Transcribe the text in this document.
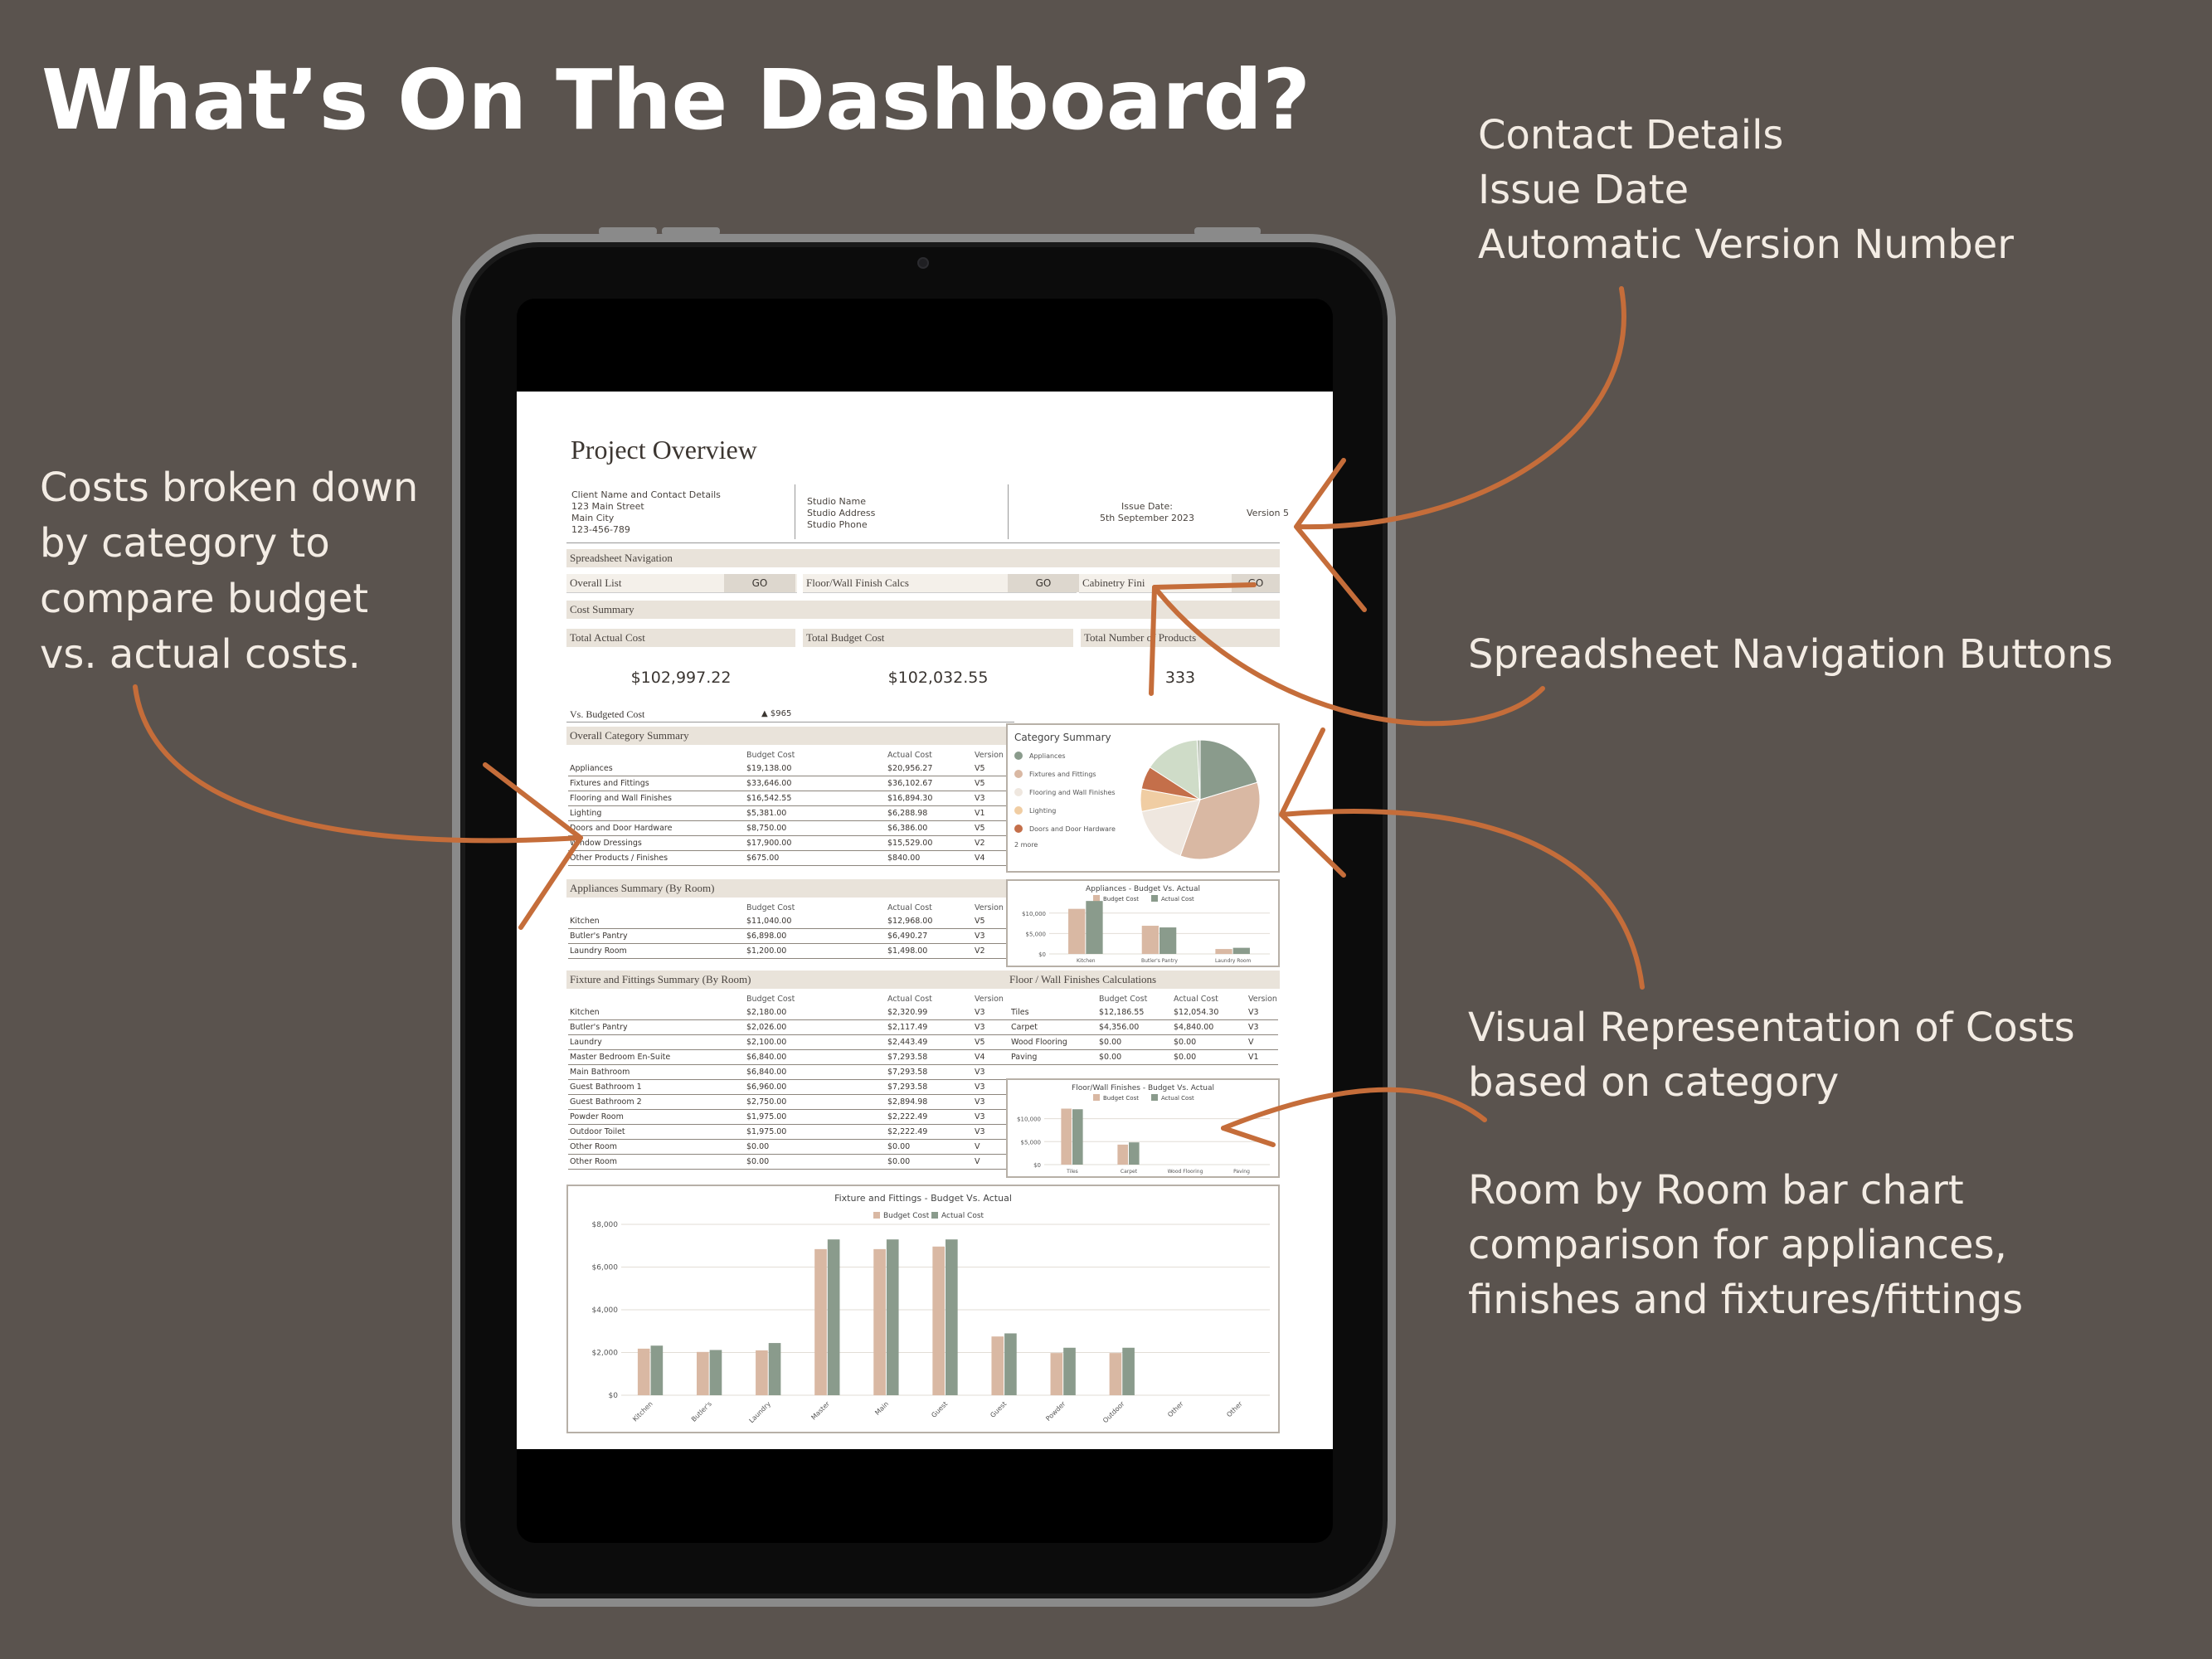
What’s On The Dashboard?	Contact Details
Issue Date
Automatic Version Number
Costs broken down
by category to
compare budget
vs. actual costs.	Spreadsheet Navigation Buttons
Visual Representation of Costs
based on category
Room by Room bar chart
comparison for appliances,
finishes and fixtures/fittings
Project Overview
Client Name and Contact Details
123 Main Street
Main City
123-456-789
Studio Name
Studio Address
Studio Phone
Issue Date:
5th September 2023	Version 5
Spreadsheet Navigation
Overall List	GO	Floor/Wall Finish Calcs	GO	Cabinetry Fini	GO
Cost Summary
Total Actual Cost	Total Budget Cost	Total Number of Products
$102,997.22	$102,032.55	333
Vs. Budgeted Cost	▲ $965
Overall Category Summary
Budget Cost	Actual Cost	Version
Appliances	$19,138.00	$20,956.27	V5
Fixtures and Fittings	$33,646.00	$36,102.67	V5
Flooring and Wall Finishes	$16,542.55	$16,894.30	V3
Lighting	$5,381.00	$6,288.98	V1
Doors and Door Hardware	$8,750.00	$6,386.00	V5
Window Dressings	$17,900.00	$15,529.00	V2
Other Products / Finishes	$675.00	$840.00	V4
Appliances Summary (By Room)
Budget Cost	Actual Cost	Version
Kitchen	$11,040.00	$12,968.00	V5
Butler's Pantry	$6,898.00	$6,490.27	V3
Laundry Room	$1,200.00	$1,498.00	V2
Fixture and Fittings Summary (By Room)
Budget Cost	Actual Cost	Version
Kitchen	$2,180.00	$2,320.99	V3
Butler's Pantry	$2,026.00	$2,117.49	V3
Laundry	$2,100.00	$2,443.49	V5
Master Bedroom En-Suite	$6,840.00	$7,293.58	V4
Main Bathroom	$6,840.00	$7,293.58	V3
Guest Bathroom 1	$6,960.00	$7,293.58	V3
Guest Bathroom 2	$2,750.00	$2,894.98	V3
Powder Room	$1,975.00	$2,222.49	V3
Outdoor Toilet	$1,975.00	$2,222.49	V3
Other Room	$0.00	$0.00	V
Other Room	$0.00	$0.00	V
Floor / Wall Finishes Calculations
Budget Cost	Actual Cost	Version
Tiles	$12,186.55	$12,054.30	V3
Carpet	$4,356.00	$4,840.00	V3
Wood Flooring	$0.00	$0.00	V
Paving	$0.00	$0.00	V1
Category Summary
Appliances
Fixtures and Fittings
Flooring and Wall Finishes
Lighting
Doors and Door Hardware
2 more
Appliances - Budget Vs. Actual
Budget Cost	Actual Cost
$10,000
$5,000
$0
Kitchen	Butler's Pantry	Laundry Room
Floor/Wall Finishes - Budget Vs. Actual
Budget Cost	Actual Cost
$10,000
$5,000
$0
Tiles	Carpet	Wood Flooring	Paving
Fixture and Fittings - Budget Vs. Actual
Budget Cost Actual Cost
$8,000
$6,000
$4,000
$2,000
$0
Kitchen	Butler's	Laundry	Master	Main	Guest	Guest	Powder	Outdoor	Other	Other
